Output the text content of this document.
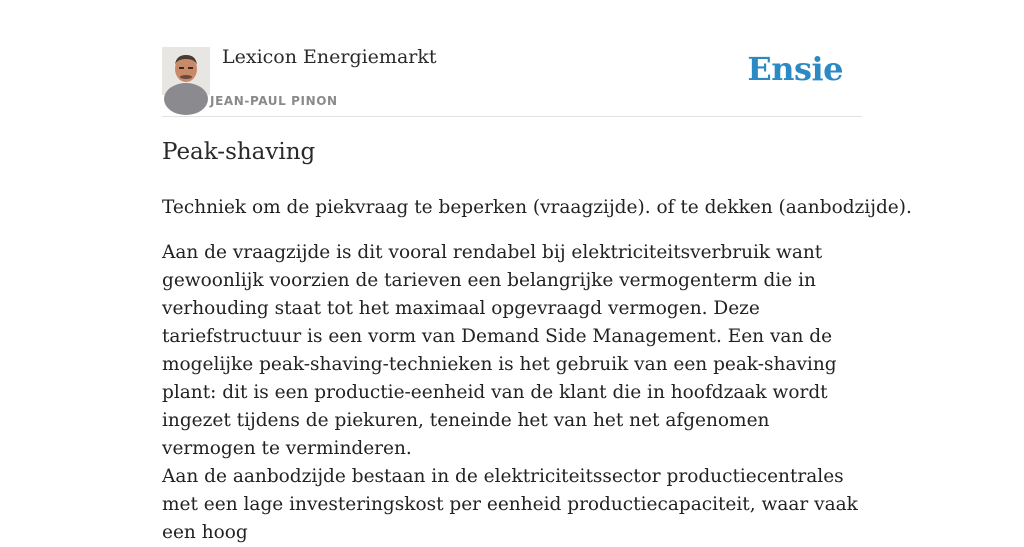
Lexicon Energiemarkt
JEAN-PAUL PINON
Ensie
Peak-shaving

Techniek om de piekvraag te beperken (vraagzijde). of te dekken (aanbodzijde).

Aan de vraagzijde is dit vooral rendabel bij elektriciteitsverbruik want gewoonlijk voorzien de tarieven een belangrijke vermogenterm die in verhouding staat tot het maximaal opgevraagd vermogen. Deze tariefstructuur is een vorm van Demand Side Management. Een van de mogelijke peak-shaving-technieken is het gebruik van een peak-shaving plant: dit is een productie-eenheid van de klant die in hoofdzaak wordt ingezet tijdens de piekuren, teneinde het van het net afgenomen vermogen te verminderen.

Aan de aanbodzijde bestaan in de elektriciteitssector productiecentrales met een lage investeringskost per eenheid productiecapaciteit, waar vaak een hoog
